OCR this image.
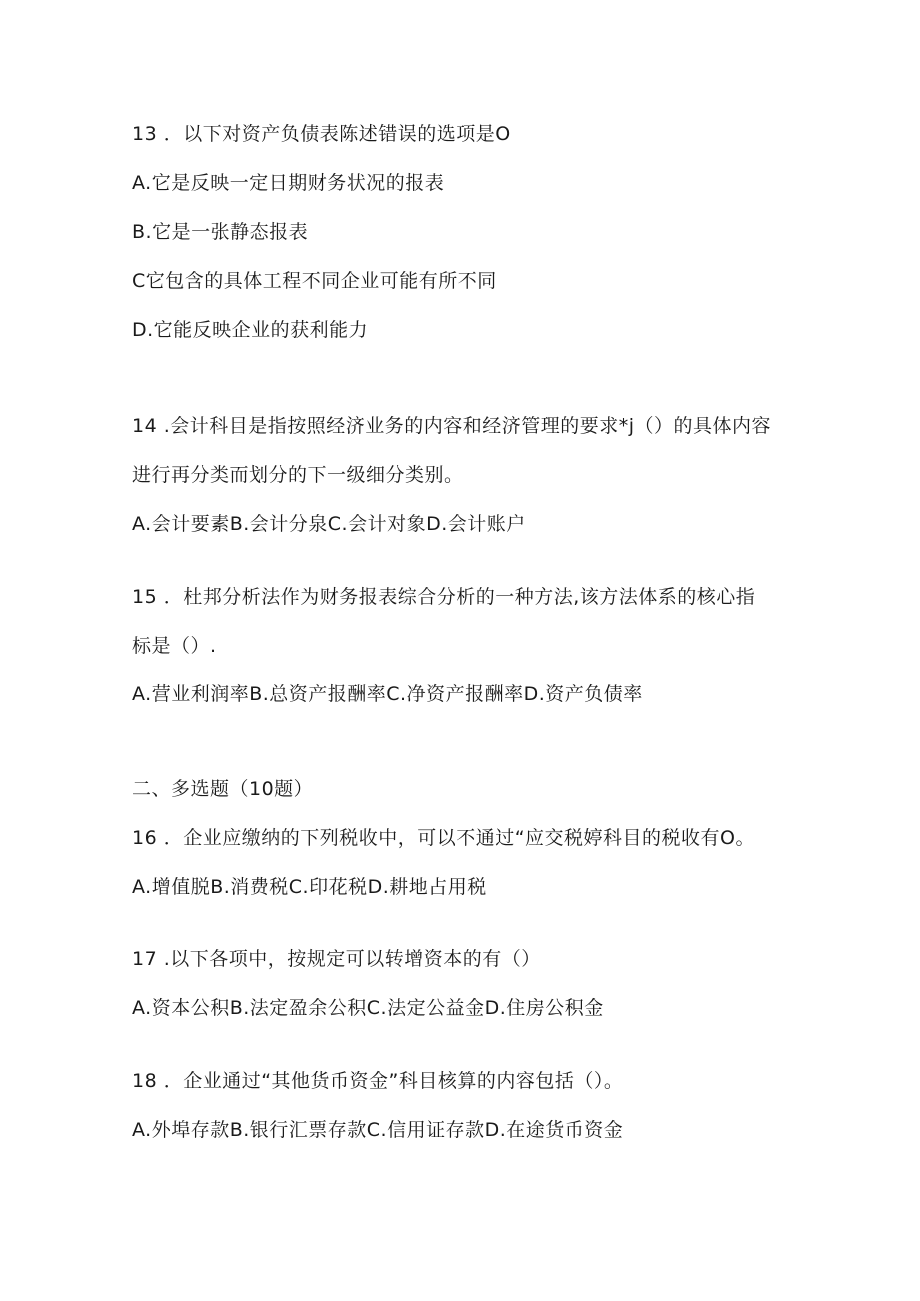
13 ．以下对资产负债表陈述错误的选项是O

A.它是反映一定日期财务状况的报表

B.它是一张静态报表

C它包含的具体工程不同企业可能有所不同

D.它能反映企业的获利能力

14 .会计科目是指按照经济业务的内容和经济管理的要求*j（）的具体内容

进行再分类而划分的下一级细分类别。

A.会计要素B.会计分泉C.会计对象D.会计账户

15 ．杜邦分析法作为财务报表综合分析的一种方法,该方法体系的核心指

标是（）.

A.营业利润率B.总资产报酬率C.净资产报酬率D.资产负债率

二、多选题（10题）

16 ．企业应缴纳的下列税收中，可以不通过“应交税婷科目的税收有O。

A.增值脱B.消费税C.印花税D.耕地占用税

17 .以下各项中，按规定可以转增资本的有（）

A.资本公积B.法定盈余公积C.法定公益金D.住房公积金

18 ．企业通过“其他货币资金”科目核算的内容包括（）。

A.外埠存款B.银行汇票存款C.信用证存款D.在途货币资金
